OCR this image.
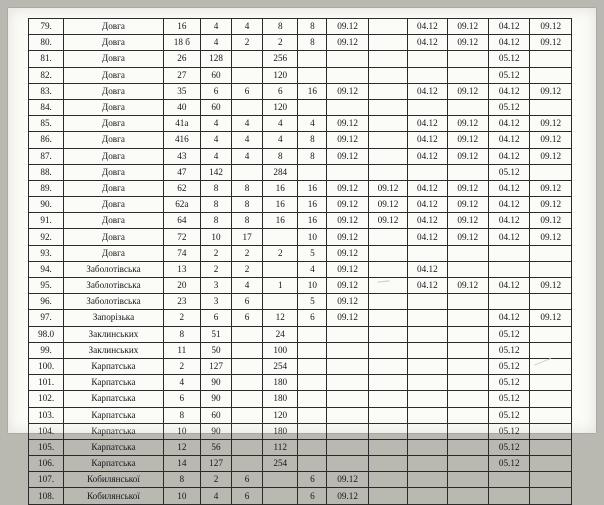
79.	Довга	16	4	4	8	8	09.12		04.12	09.12	04.12	09.12
80.	Довга	18 б	4	2	2	8	09.12		04.12	09.12	04.12	09.12
81.	Довга	26	128		256						05.12	
82.	Довга	27	60		120						05.12	
83.	Довга	35	6	6	6	16	09.12		04.12	09.12	04.12	09.12
84.	Довга	40	60		120						05.12	
85.	Довга	41a	4	4	4	4	09.12		04.12	09.12	04.12	09.12
86.	Довга	416	4	4	4	8	09.12		04.12	09.12	04.12	09.12
87.	Довга	43	4	4	8	8	09.12		04.12	09.12	04.12	09.12
88.	Довга	47	142		284						05.12	
89.	Довга	62	8	8	16	16	09.12	09.12	04.12	09.12	04.12	09.12
90.	Довга	62a	8	8	16	16	09.12	09.12	04.12	09.12	04.12	09.12
91.	Довга	64	8	8	16	16	09.12	09.12	04.12	09.12	04.12	09.12
92.	Довга	72	10	17		10	09.12		04.12	09.12	04.12	09.12
93.	Довга	74	2	2	2	5	09.12					
94.	Заболотівська	13	2	2		4	09.12		04.12			
95.	Заболотівська	20	3	4	1	10	09.12		04.12	09.12	04.12	09.12
96.	Заболотівська	23	3	6		5	09.12					
97.	Запорізька	2	6	6	12	6	09.12				04.12	09.12
98.0	Заклинських	8	51		24						05.12	
99.	Заклинських	11	50		100						05.12	
100.	Карпатська	2	127		254						05.12	
101.	Карпатська	4	90		180						05.12	
102.	Карпатська	6	90		180						05.12	
103.	Карпатська	8	60		120						05.12	
104.	Карпатська	10	90		180						05.12	
105.	Карпатська	12	56		112						05.12	
106.	Карпатська	14	127		254						05.12	
107.	Кобилянської	8	2	6		6	09.12					
108.	Кобилянської	10	4	6		6	09.12					
